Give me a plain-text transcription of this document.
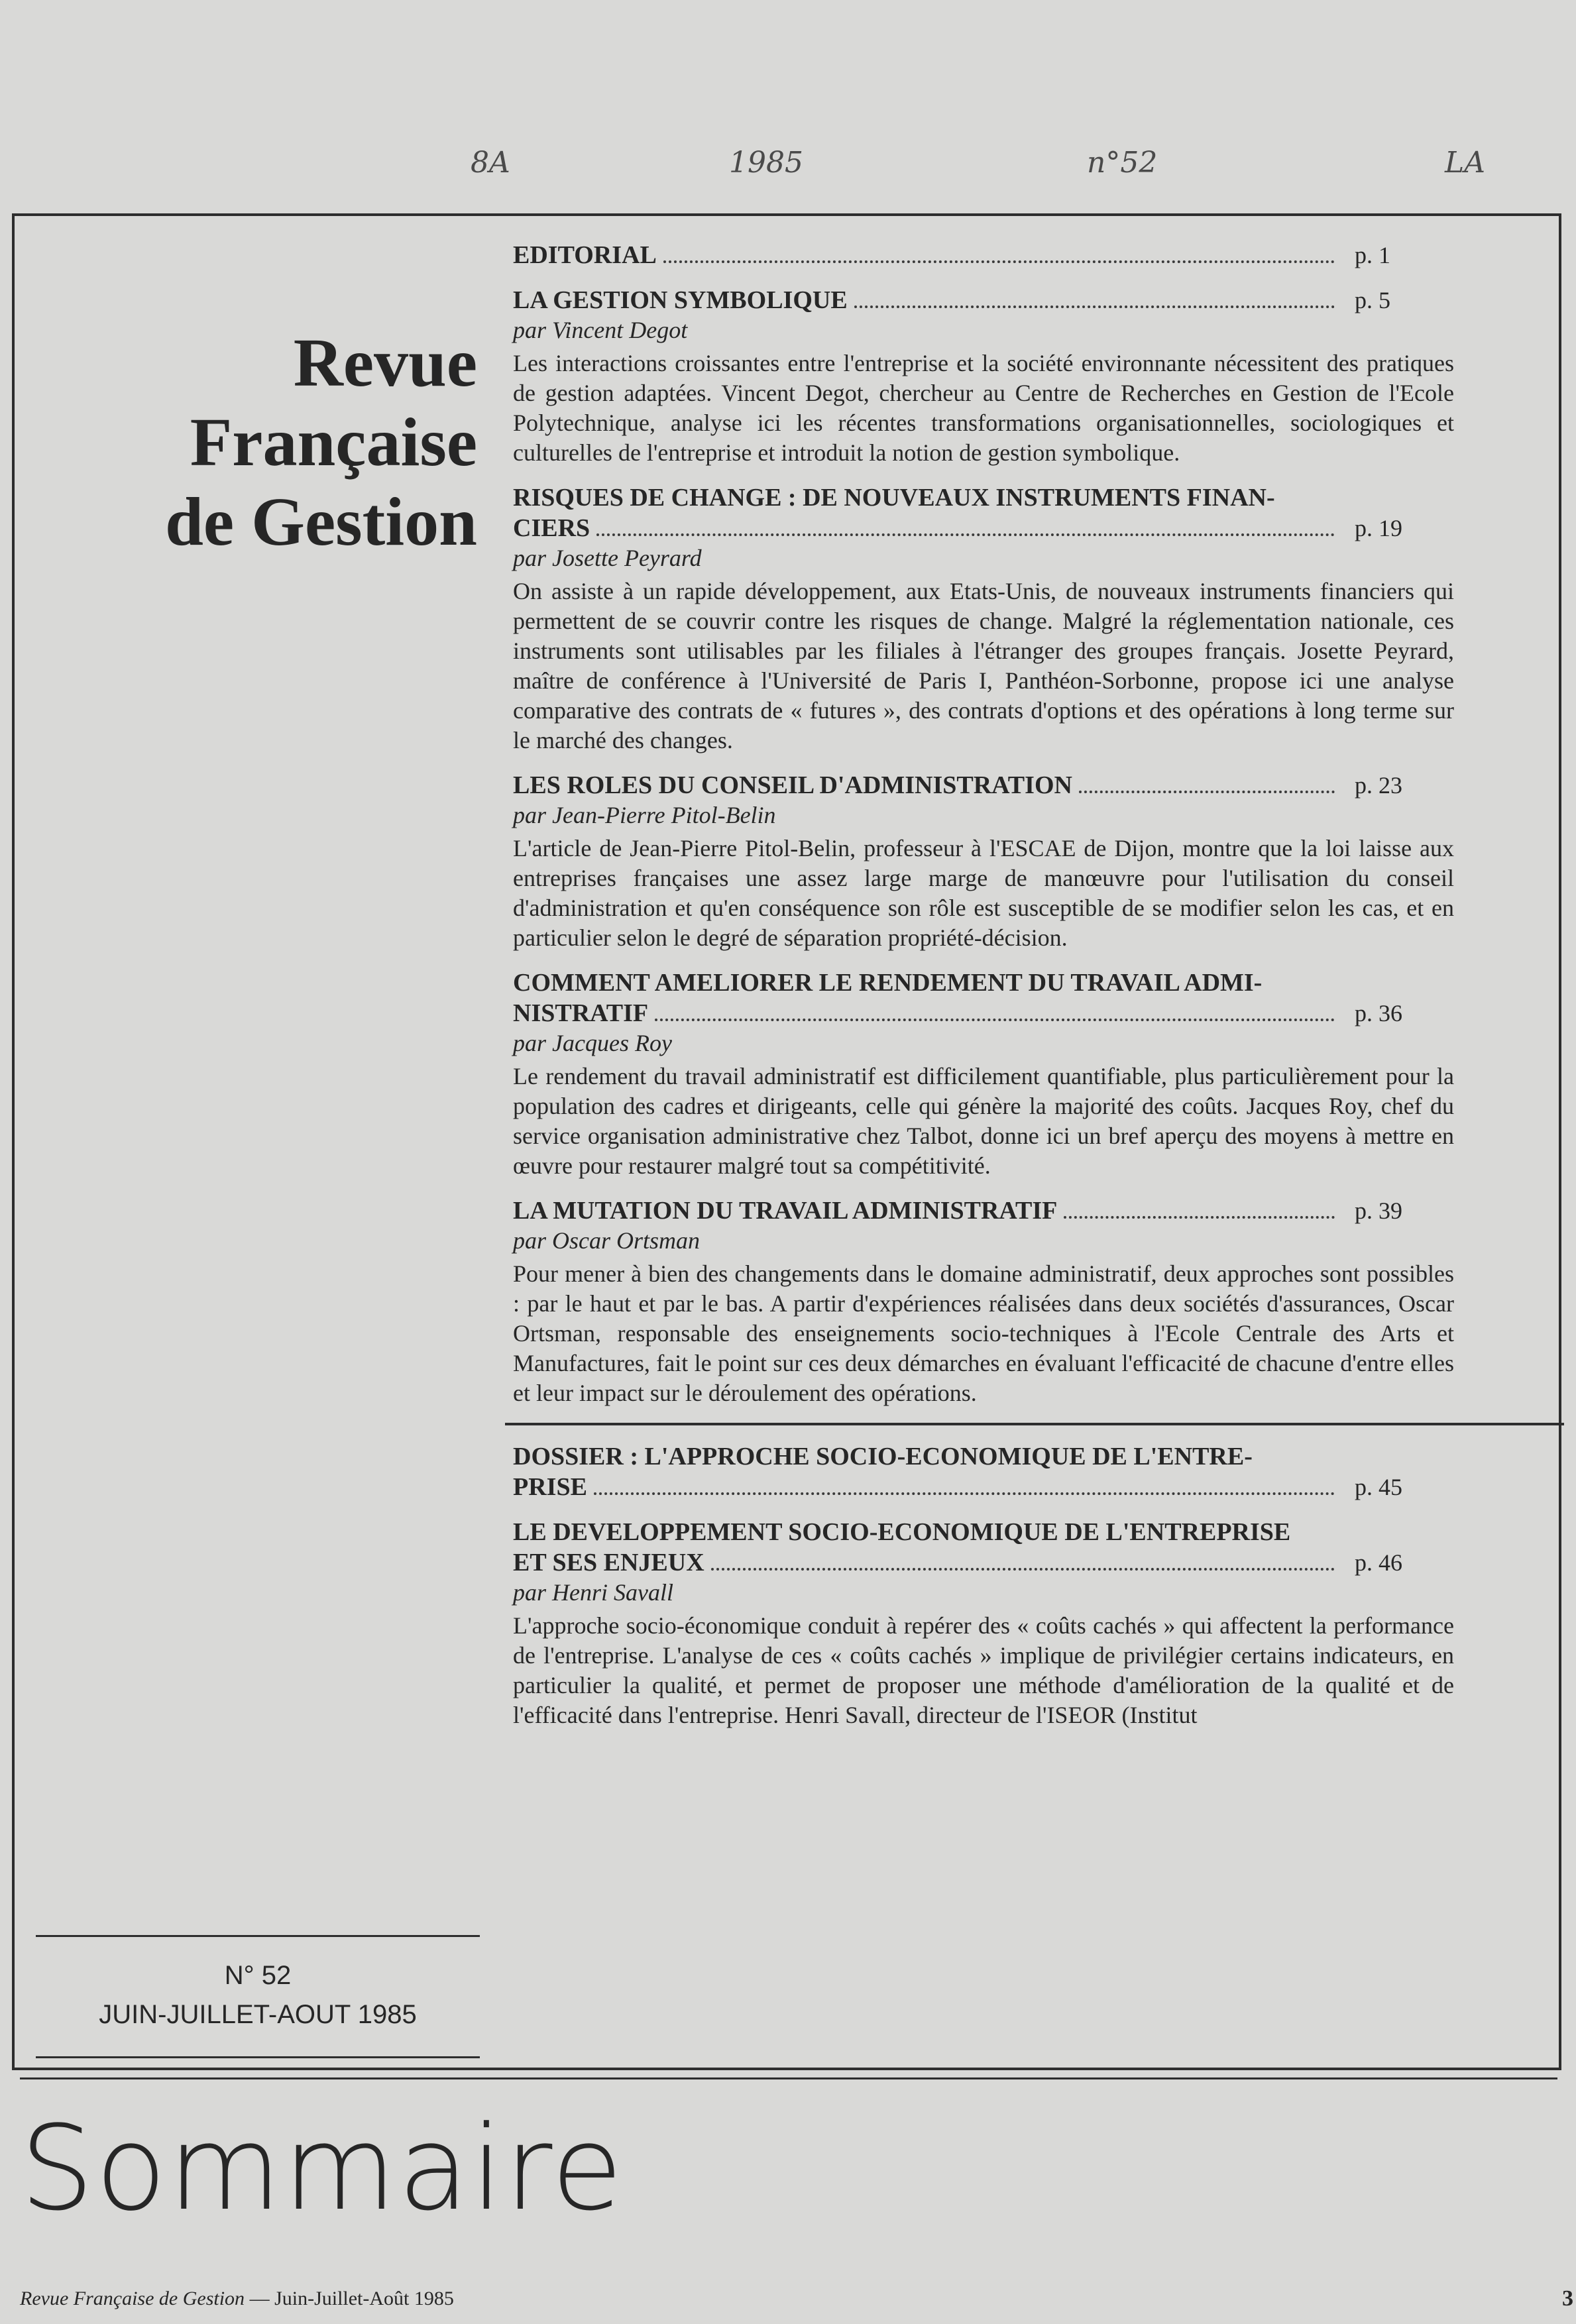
8A	1985	n°52	LA
Revue
Française
de Gestion
N° 52
JUIN-JUILLET-AOUT 1985
EDITORIAL	p. 1
LA GESTION SYMBOLIQUE	p. 5
par Vincent Degot
Les interactions croissantes entre l'entreprise et la société environnante nécessitent des pratiques de gestion adaptées. Vincent Degot, chercheur au Centre de Recherches en Gestion de l'Ecole Polytechnique, analyse ici les récentes transformations organisationnelles, sociologiques et culturelles de l'entreprise et introduit la notion de gestion symbolique.
RISQUES DE CHANGE : DE NOUVEAUX INSTRUMENTS FINAN-
CIERS	p. 19
par Josette Peyrard
On assiste à un rapide développement, aux Etats-Unis, de nouveaux instruments financiers qui permettent de se couvrir contre les risques de change. Malgré la réglementation nationale, ces instruments sont utilisables par les filiales à l'étranger des groupes français. Josette Peyrard, maître de conférence à l'Université de Paris I, Panthéon-Sorbonne, propose ici une analyse comparative des contrats de « futures », des contrats d'options et des opérations à long terme sur le marché des changes.
LES ROLES DU CONSEIL D'ADMINISTRATION	p. 23
par Jean-Pierre Pitol-Belin
L'article de Jean-Pierre Pitol-Belin, professeur à l'ESCAE de Dijon, montre que la loi laisse aux entreprises françaises une assez large marge de manœuvre pour l'utilisation du conseil d'administration et qu'en conséquence son rôle est susceptible de se modifier selon les cas, et en particulier selon le degré de séparation propriété-décision.
COMMENT AMELIORER LE RENDEMENT DU TRAVAIL ADMI-
NISTRATIF	p. 36
par Jacques Roy
Le rendement du travail administratif est difficilement quantifiable, plus particulièrement pour la population des cadres et dirigeants, celle qui génère la majorité des coûts. Jacques Roy, chef du service organisation administrative chez Talbot, donne ici un bref aperçu des moyens à mettre en œuvre pour restaurer malgré tout sa compétitivité.
LA MUTATION DU TRAVAIL ADMINISTRATIF	p. 39
par Oscar Ortsman
Pour mener à bien des changements dans le domaine administratif, deux approches sont possibles : par le haut et par le bas. A partir d'expériences réalisées dans deux sociétés d'assurances, Oscar Ortsman, responsable des enseignements socio-techniques à l'Ecole Centrale des Arts et Manufactures, fait le point sur ces deux démarches en évaluant l'efficacité de chacune d'entre elles et leur impact sur le déroulement des opérations.
DOSSIER : L'APPROCHE SOCIO-ECONOMIQUE DE L'ENTRE-
PRISE	p. 45
LE DEVELOPPEMENT SOCIO-ECONOMIQUE DE L'ENTREPRISE
ET SES ENJEUX	p. 46
par Henri Savall
L'approche socio-économique conduit à repérer des « coûts cachés » qui affectent la performance de l'entreprise. L'analyse de ces « coûts cachés » implique de privilégier certains indicateurs, en particulier la qualité, et permet de proposer une méthode d'amélioration de la qualité et de l'efficacité dans l'entreprise. Henri Savall, directeur de l'ISEOR (Institut
Sommaire
Revue Française de Gestion — Juin-Juillet-Août 1985	3
